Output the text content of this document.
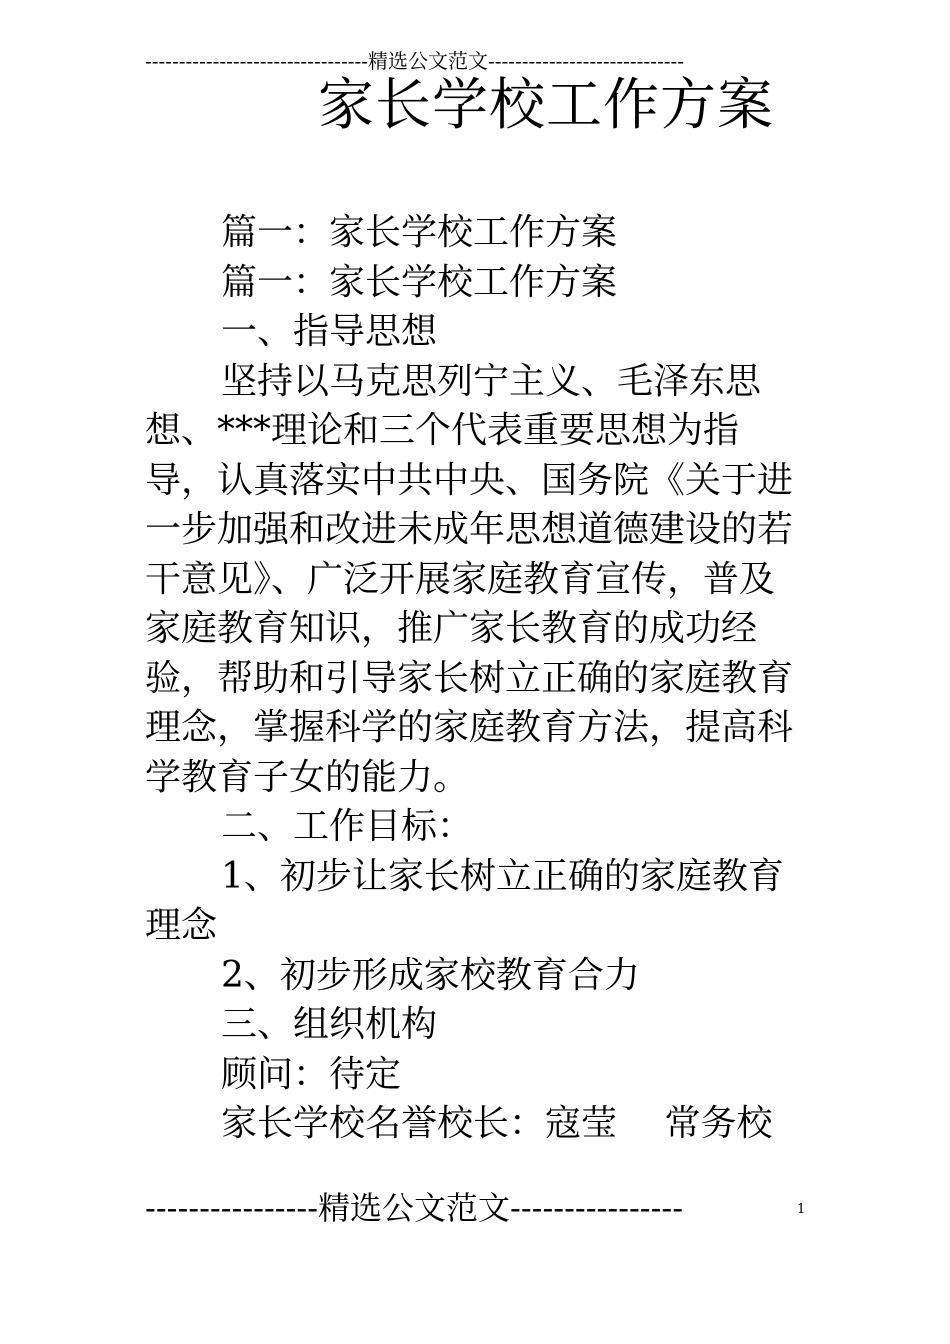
---------------------------------精选公文范文-----------------------------
家长学校工作方案

篇一：家长学校工作方案

篇一：家长学校工作方案

一、指导思想

坚持以马克思列宁主义、毛泽东思想、***理论和三个代表重要思想为指导，认真落实中共中央、国务院《关于进一步加强和改进未成年思想道德建设的若干意见》、广泛开展家庭教育宣传，普及家庭教育知识，推广家长教育的成功经验，帮助和引导家长树立正确的家庭教育理念，掌握科学的家庭教育方法，提高科学教育子女的能力。

二、工作目标：

1、初步让家长树立正确的家庭教育理念

2、初步形成家校教育合力

三、组织机构

顾问：待定

家长学校名誉校长：寇莹　 常务校

----------------精选公文范文----------------	1
